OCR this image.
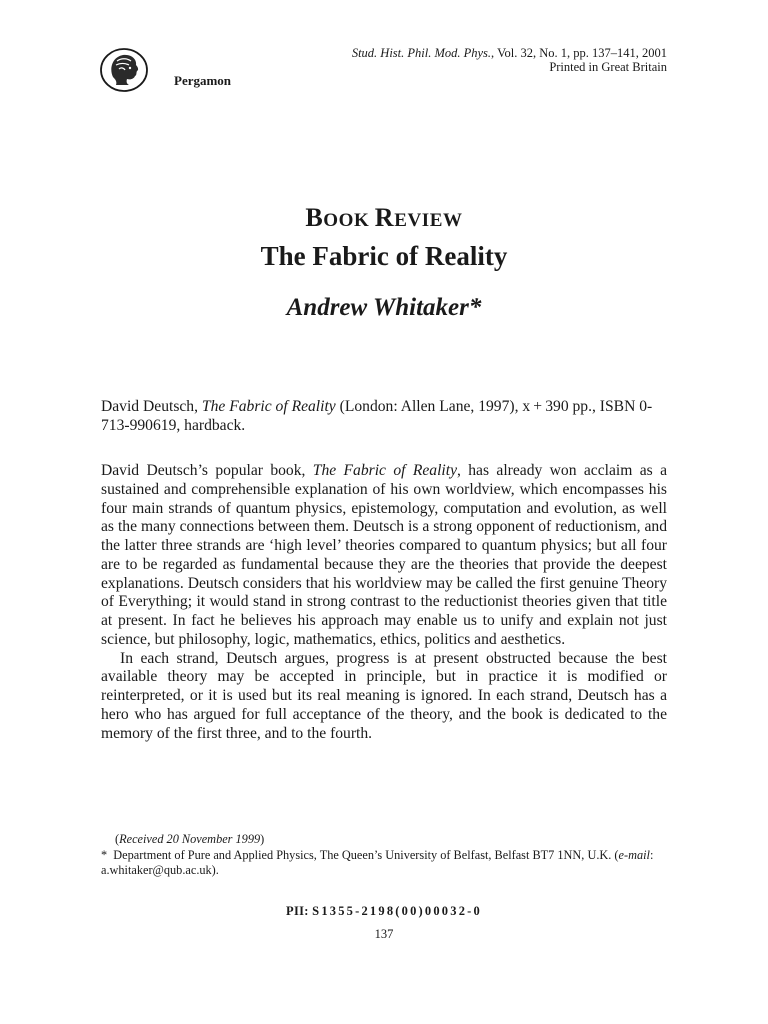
Pergamon
Stud. Hist. Phil. Mod. Phys., Vol. 32, No. 1, pp. 137–141, 2001
Printed in Great Britain
BOOK REVIEW
The Fabric of Reality
Andrew Whitaker*
David Deutsch, The Fabric of Reality (London: Allen Lane, 1997), x + 390 pp., ISBN 0-713-990619, hardback.

David Deutsch’s popular book, The Fabric of Reality, has already won acclaim as a sustained and comprehensible explanation of his own worldview, which encompasses his four main strands of quantum physics, epistemology, computation and evolution, as well as the many connections between them. Deutsch is a strong opponent of reductionism, and the latter three strands are ‘high level’ theories compared to quantum physics; but all four are to be regarded as fundamental because they are the theories that provide the deepest explanations. Deutsch considers that his worldview may be called the first genuine Theory of Everything; it would stand in strong contrast to the reductionist theories given that title at present. In fact he believes his approach may enable us to unify and explain not just science, but philosophy, logic, mathematics, ethics, politics and aesthetics.

In each strand, Deutsch argues, progress is at present obstructed because the best available theory may be accepted in principle, but in practice it is modified or reinterpreted, or it is used but its real meaning is ignored. In each strand, Deutsch has a hero who has argued for full acceptance of the theory, and the book is dedicated to the memory of the first three, and to the fourth.

(Received 20 November 1999)
* Department of Pure and Applied Physics, The Queen’s University of Belfast, Belfast BT7 1NN, U.K. (e-mail: a.whitaker@qub.ac.uk).
PII: S1355-2198(00)00032-0
137
